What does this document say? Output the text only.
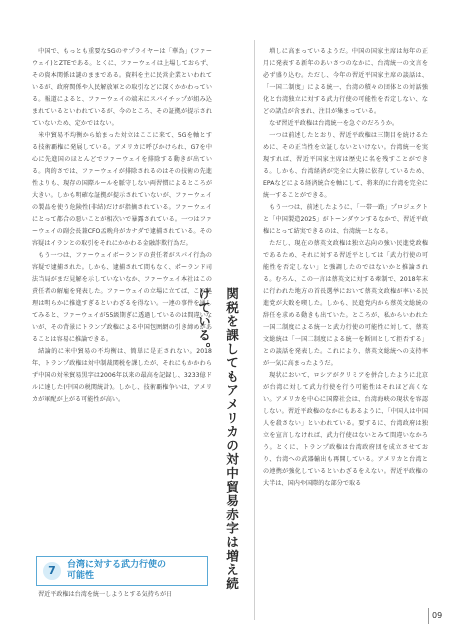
中国で、もっとも重要な5Gのサプライヤーは「華為」(ファーウェイ)とZTEである。とくに、ファーウェイは上場しておらず、その資本関係は謎のままである。資料を主に民営企業といわれているが、政府関係や人民解放軍との取引などに深くかかわっている。報道によると、ファーウェイの端末にスパイチップが組み込まれているといわれているが、今のところ、その証拠が提示されていないため、定かではない。

米中貿易不均衡から始まった対立はここに来て、5Gを軸とする技術覇権に発展している。アメリカに呼びかけられ、G7を中心に先進国のほとんどでファーウェイを排除する動きが出ている。肉的さでは、ファーウェイが排除されるのはその技術の先進性よりも、現存の国際ルールを脈守しない両習慣によるところが大きい。しかも明確な証拠が提示されていないが、ファーウェイの製品を使う危険性(非結)だけが指摘されている。ファーウェイにとって都合の悪いことが相次いで暴露されている。一つはファーウェイの副会長兼CFO孟晩舟がカナダで逮捕されている。その容疑はイランとの取引をそれにかかわる金融詐欺行為だ。

もう一つは、ファーウェイボーランドの責任者がスパイ行為の容疑で逮捕された。しかも、逮捕されて間もなく、ポーランド司法当局がまだ見解を示していないなか、ファーウェイ本社はこの責任者の解雇を発表した。ファーウェイの立場に立てば、この処理は明らかに推進すぎるといわざるを得ない。一連の事件を通してみると、ファーウェイが55級期ぎに透過しているのは間違いないが、その背景にトランプ政権による中国包囲網の引き締めがあることは容易に推論できる。

結論的に米中貿易の不均衡は、簡単に是正されない。2018年、トランプ政権は対中制裁関税を課したが、それにもかかわらず中国の対米貿易黒字は2006年以来の最高を記録し、3233億ドルに達した(中国の税関統計)。しかし、技術覇権争いは、アメリカが軍配が上がる可能性が高い。

7	台湾に対する武力行使の
可能性

習近平政権は台湾を統一しようとする気持ちが日

関税を課してもアメリカの対中貿易赤字は増え続けている。

増しに高まっているようだ。中国の国家主席は毎年の正月に発表する新年のあいさつのなかに、台湾統一の文言を必ず盛り込む。ただし、今年の習近平国家主席の談話は、「一国二制度」による統一、台湾の積々の団体との対話強化と台湾独立に対する武力行使の可能性を否定しない、などの諸点が含まれ、注目が集まっている。

なぜ習近平政権は台湾統一を急ぐのだろうか。

一つは前述したとおり、習近平政権は三期目を続けるために、その正当性を立証しないといけない。台湾統一を実現すれば、習近平国家主席は歴史に名を残すことができる。しかも、台湾経済が完全に大陸に依存しているため、EPAなどによる経済統合を軸にして、将来的に台湾を完全に統一することができる。

もう一つは、前述したように、「一帯一路」プロジェクトと「中国製造2025」がトーンダウンするなかで、習近平政権にとって結実できるのは、台湾統一となる。

ただし、現在の蔡英文政権は独立志向の強い民進党政権であるため、それに対する習近平としては「武力行使の可能性を否定しない」と強調したのではないかと推論される。むろん、この一言は蔡英文に対する牽制で、2018年末に行われた地方の首長選挙において蔡英文政権が率いる民進党が大敗を喫した。しかも、民進党内から蔡英文総統の辞任を求める動きも出ていた。ところが、私からいわれた一国二制度による統一と武力行使の可能性に対して、蔡英文総統は「一国二制度による統一を断固として拒否する」との談話を発表した。これにより、蔡英文総統への支持率が一気に高まったようだ。

現状において、ロシアがクリミアを併合したように北京が台湾に対して武力行使を行う可能性はそれほど高くない。アメリカを中心に国際社会は、台湾海峡の現状を容認しない。習近平政権のなかにもあるように、「中国人は中国人を殺さない」といわれている。要するに、台湾政府は独立を宣言しなければ、武力行使はないとみて間違いなかろう。とくに、トランプ政権は台湾政府団を成立させており、台湾への武器輸出も再開している。アメリカと台湾との連携が強化しているといわざるをえない。習近平政権の大半は、国内や国際的な部分で取る

09
